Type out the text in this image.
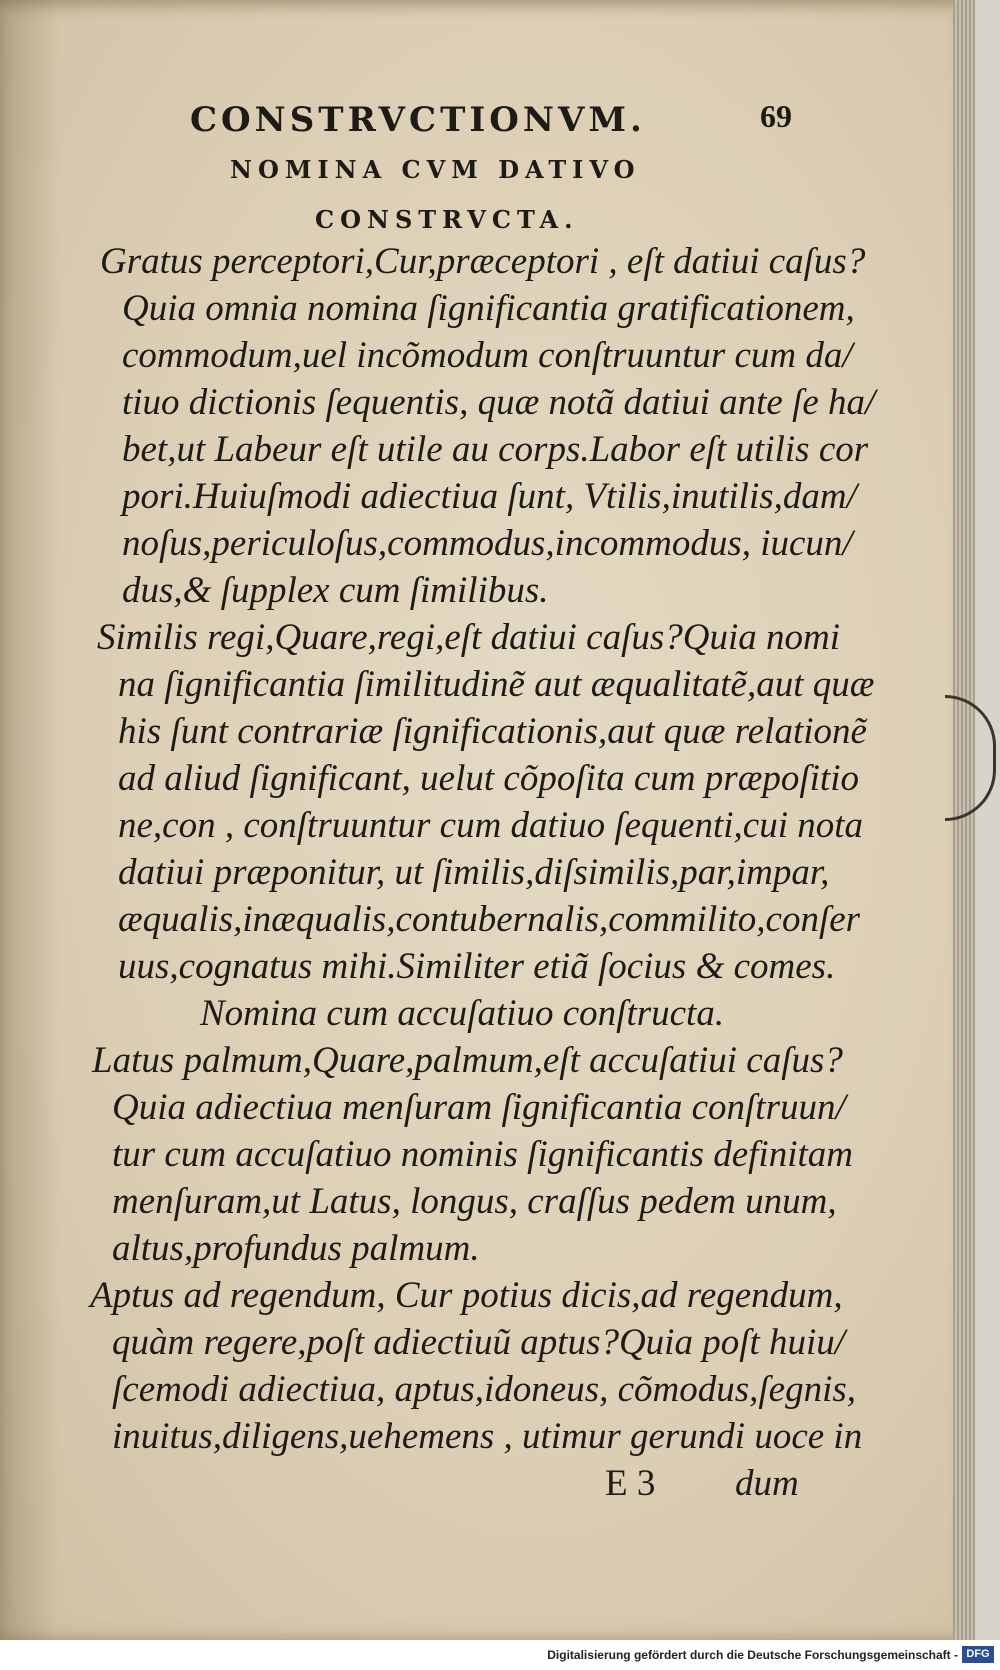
CONSTRVCTIONVM.	69
NOMINA CVM DATIVO
CONSTRVCTA.
Gratus perceptori,Cur,præceptori , eſt datiui caſus?
Quia omnia nomina ſignificantia gratificationem,
commodum,uel incõmodum conſtruuntur cum da/
tiuo dictionis ſequentis, quæ notã datiui ante ſe ha/
bet,ut Labeur eſt utile au corps.Labor eſt utilis cor
pori.Huiuſmodi adiectiua ſunt, Vtilis,inutilis,dam/
noſus,periculoſus,commodus,incommodus, iucun/
dus,& ſupplex cum ſimilibus.
Similis regi,Quare,regi,eſt datiui caſus?Quia nomi
na ſignificantia ſimilitudinẽ aut æqualitatẽ,aut quæ
his ſunt contrariæ ſignificationis,aut quæ relationẽ
ad aliud ſignificant, uelut cõpoſita cum præpoſitio
ne,con , conſtruuntur cum datiuo ſequenti,cui nota
datiui præponitur, ut ſimilis,diſsimilis,par,impar,
æqualis,inæqualis,contubernalis,commilito,conſer
uus,cognatus mihi.Similiter etiã ſocius & comes.
Nomina cum accuſatiuo conſtructa.
Latus palmum,Quare,palmum,eſt accuſatiui caſus?
Quia adiectiua menſuram ſignificantia conſtruun/
tur cum accuſatiuo nominis ſignificantis definitam
menſuram,ut Latus, longus, craſſus pedem unum,
altus,profundus palmum.
Aptus ad regendum, Cur potius dicis,ad regendum,
quàm regere,poſt adiectiuũ aptus?Quia poſt huiu/
ſcemodi adiectiua, aptus,idoneus, cõmodus,ſegnis,
inuitus,diligens,uehemens , utimur gerundi uoce in
E 3 dum
Digitalisierung gefördert durch die Deutsche Forschungsgemeinschaft - DFG
